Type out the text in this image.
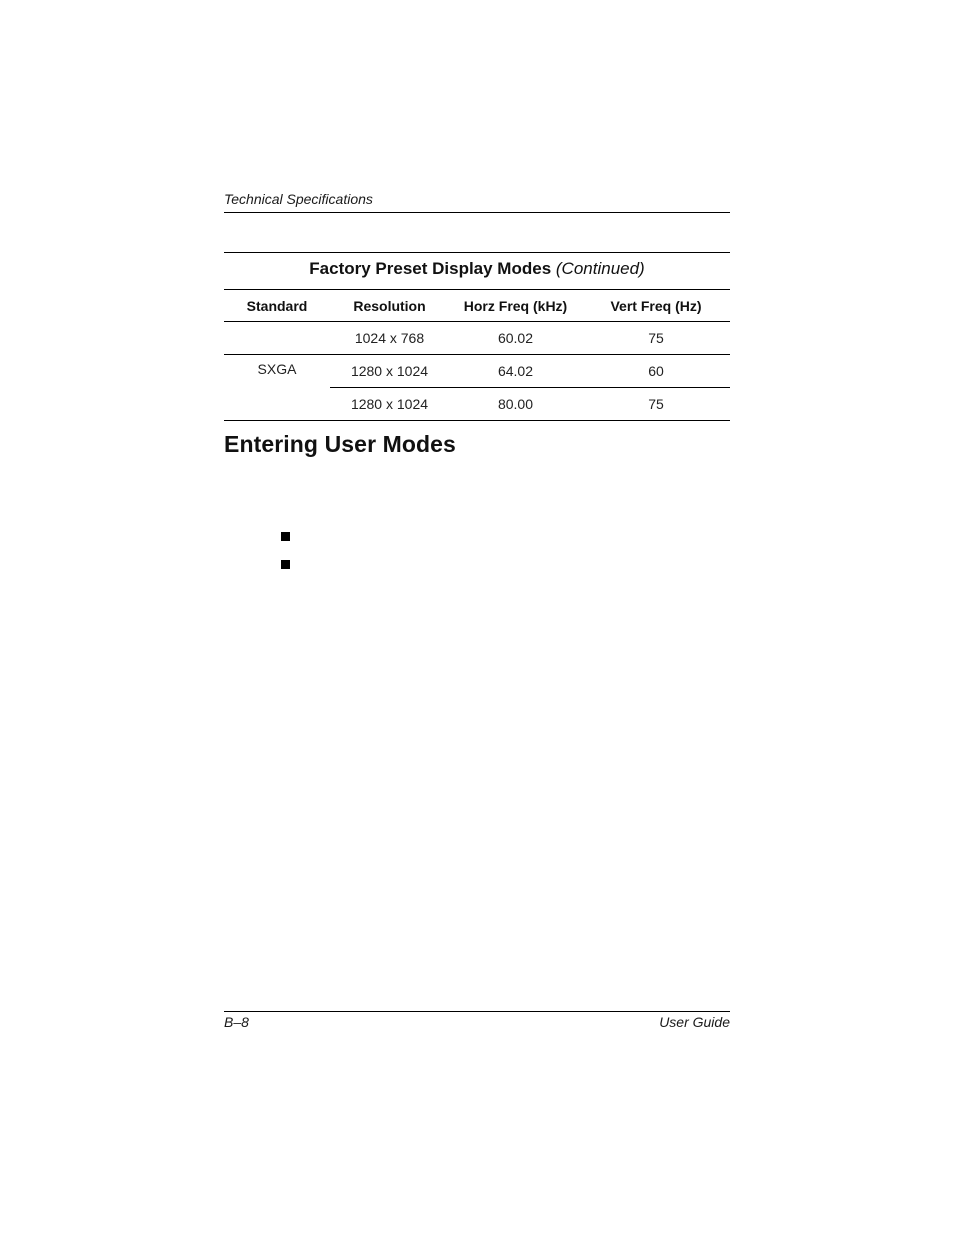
Technical Specifications
Factory Preset Display Modes (Continued)
Standard	Resolution	Horz Freq (kHz)	Vert Freq (Hz)
	1024 x 768	60.02	75
SXGA	1280 x 1024	64.02	60
	1280 x 1024	80.00	75
Entering User Modes
B–8	User Guide
